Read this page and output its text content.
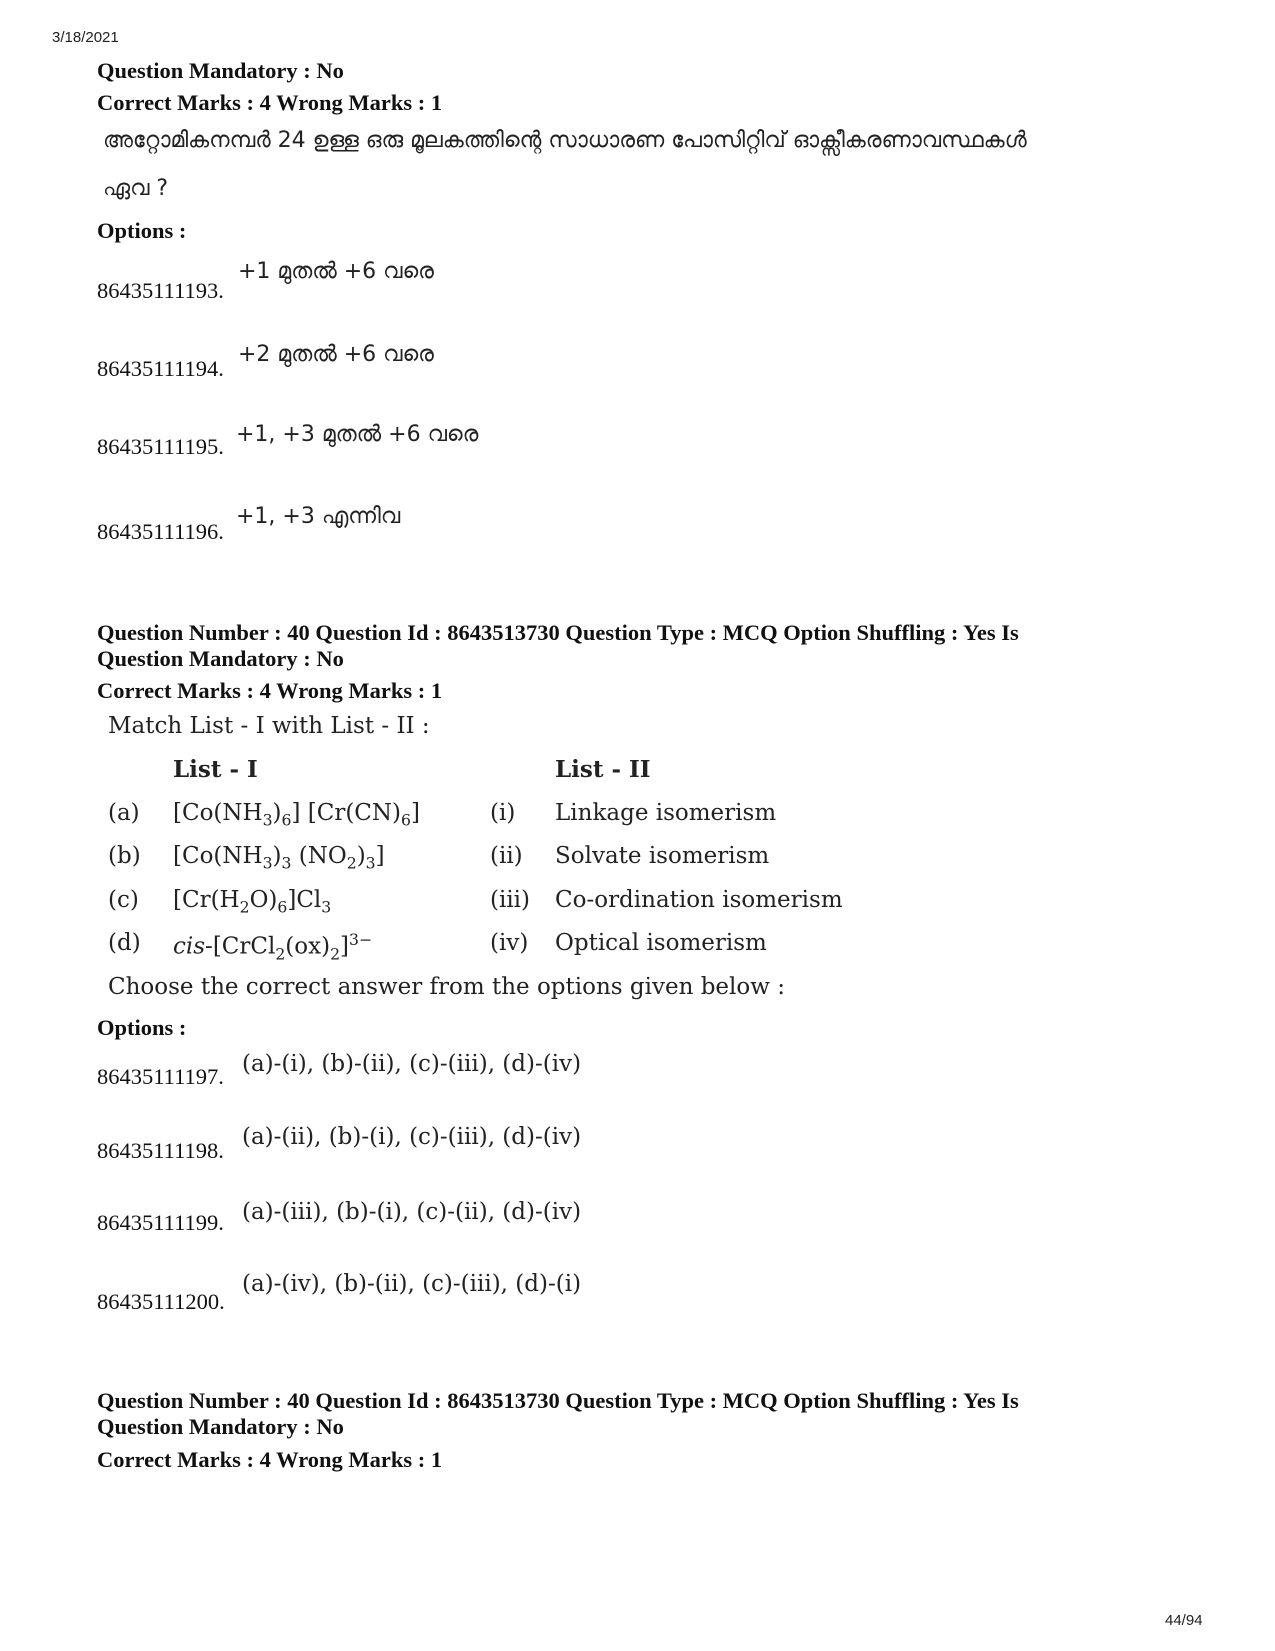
3/18/2021
44/94
Question Mandatory : No
Correct Marks : 4 Wrong Marks : 1
അറ്റോമികനമ്പർ 24 ഉള്ള ഒരു മൂലകത്തിന്റെ സാധാരണ പോസിറ്റിവ് ഓക്സീകരണാവസ്ഥകൾ
ഏവ ?
Options :
86435111193.
+1 മുതൽ +6 വരെ
86435111194.
+2 മുതൽ +6 വരെ
86435111195. +1, +3 മുതൽ +6 വരെ
86435111196.
+1, +3 എന്നിവ
Question Number : 40 Question Id : 8643513730 Question Type : MCQ Option Shuffling : Yes Is
Question Mandatory : No
Correct Marks : 4 Wrong Marks : 1
Match List - I with List - II :
List - I	List - II
(a) $[Co(NH_3)_6]$ $[Cr(CN)_6]$	(i) Linkage isomerism
(b) [$Co(NH_3)_3$ $(NO_2)_3$]	(ii) Solvate isomerism
(c) $[Cr(H_2O)_6]Cl_3$	(iii) Co-ordination isomerism
(d) cis-$[CrCl_2(ox)_2]^{3-}$	(iv) Optical isomerism
Choose the correct answer from the options given below :
Options :
86435111197. (a)-(i), (b)-(ii), (c)-(iii), (d)-(iv)
86435111198.
(a)-(ii), (b)-(i), (c)-(iii), (d)-(iv)
86435111199. (a)-(iii), (b)-(i), (c)-(ii), (d)-(iv)
86435111200.
(a)-(iv), (b)-(ii), (c)-(iii), (d)-(i)
Question Number : 40 Question Id : 8643513730 Question Type : MCQ Option Shuffling : Yes Is
Question Mandatory : No
Correct Marks : 4 Wrong Marks : 1
